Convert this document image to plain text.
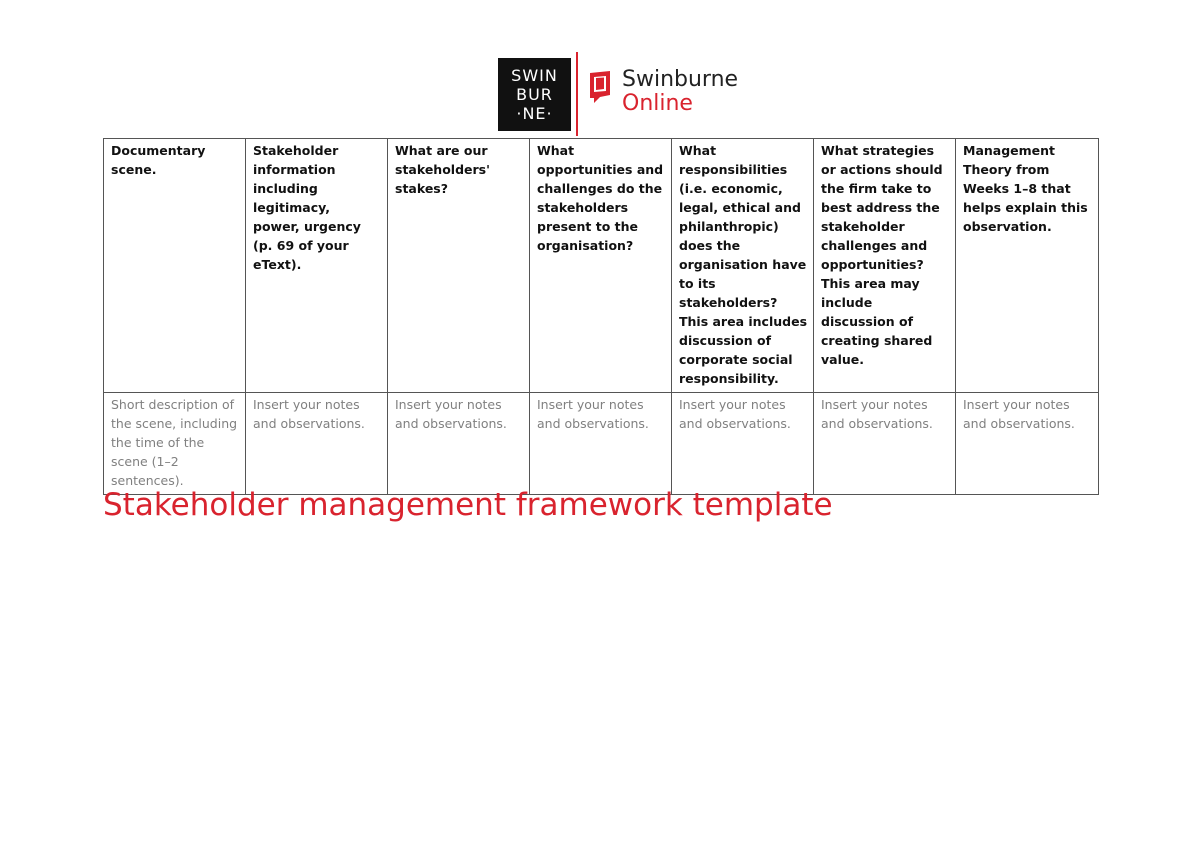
SWIN
BUR
·NE·
Swinburne
Online
Documentary scene.	Stakeholder information including legitimacy, power, urgency (p. 69 of your eText).	What are our stakeholders' stakes?	What opportunities and challenges do the stakeholders present to the organisation?	What responsibilities (i.e. economic, legal, ethical and philanthropic) does the organisation have to its stakeholders? This area includes discussion of corporate social responsibility.	What strategies or actions should the firm take to best address the stakeholder challenges and opportunities? This area may include discussion of creating shared value.	Management Theory from Weeks 1–8 that helps explain this observation.
Short description of the scene, including the time of the scene (1–2 sentences).	Insert your notes and observations.	Insert your notes and observations.	Insert your notes and observations.	Insert your notes and observations.	Insert your notes and observations.	Insert your notes and observations.
Stakeholder management framework template
